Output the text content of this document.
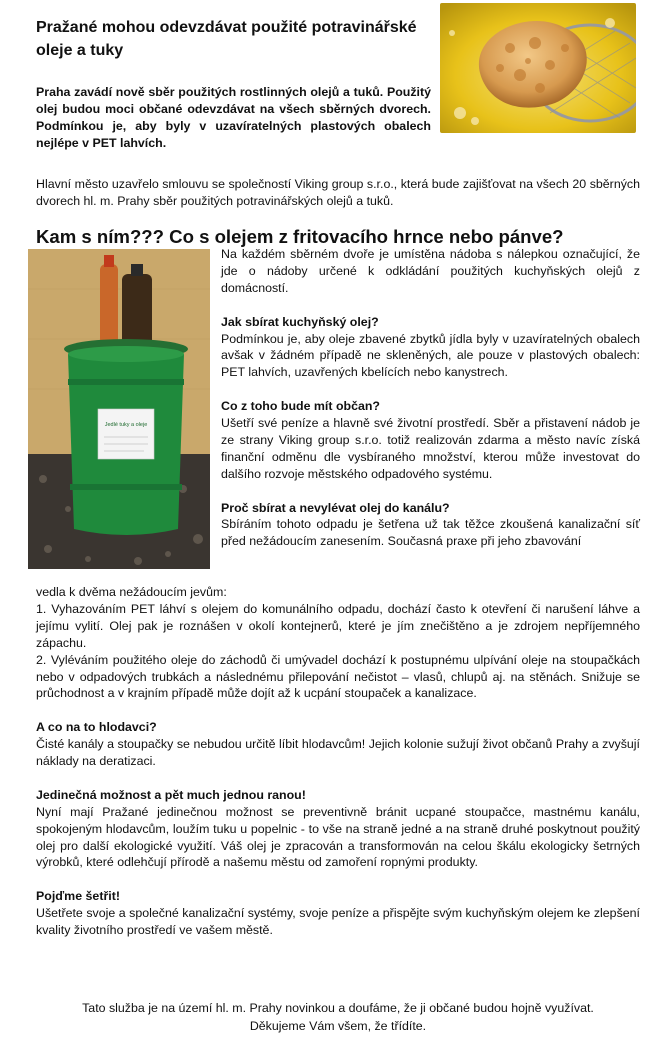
Pražané mohou odevzdávat použité potravinářské oleje a tuky

Praha zavádí nově sběr použitých rostlinných olejů a tuků. Použitý olej budou moci občané odevzdávat na všech sběrných dvorech. Podmínkou je, aby byly v uzavíratelných plastových obalech nejlépe v PET lahvích.

Hlavní město uzavřelo smlouvu se společností Viking group s.r.o., která bude zajišťovat na všech 20 sběrných dvorech hl. m. Prahy sběr použitých potravinářských olejů a tuků.

Kam s ním??? Co s olejem z fritovacího hrnce nebo pánve?
Jedlé tuky a oleje

Na každém sběrném dvoře je umístěna nádoba s nálepkou označující, že jde o nádoby určené k odkládání použitých kuchyňských olejů z domácností.

Jak sbírat kuchyňský olej?
Podmínkou je, aby oleje zbavené zbytků jídla byly v uzavíratelných obalech avšak v žádném případě ne skleněných, ale pouze v plastových obalech: PET lahvích, uzavřených kbelících nebo kanystrech.

Co z toho bude mít občan?
Ušetří své peníze a hlavně své životní prostředí. Sběr a přistavení nádob je ze strany Viking group s.r.o. totiž realizován zdarma a město navíc získá finanční odměnu dle vysbíraného množství, kterou může investovat do dalšího rozvoje městského odpadového systému.

Proč sbírat a nevylévat olej do kanálu?
Sbíráním tohoto odpadu je šetřena už tak těžce zkoušená kanalizační síť před nežádoucím zanesením. Současná praxe při jeho zbavování

vedla k dvěma nežádoucím jevům:
1. Vyhazováním PET láhví s olejem do komunálního odpadu, dochází často k otevření či narušení láhve a jejímu vylití. Olej pak je roznášen v okolí kontejnerů, které je jím znečištěno a je zdrojem nepříjemného zápachu.
2. Vyléváním použitého oleje do záchodů či umývadel dochází k postupnému ulpívání oleje na stoupačkách nebo v odpadových trubkách a následnému přilepování nečistot – vlasů, chlupů aj. na stěnách. Snižuje se průchodnost a v krajním případě může dojít až k ucpání stoupaček a kanalizace.

A co na to hlodavci?
Čisté kanály a stoupačky se nebudou určitě líbit hlodavcům! Jejich kolonie sužují život občanů Prahy a zvyšují náklady na deratizaci.

Jedinečná možnost a pět much jednou ranou!
Nyní mají Pražané jedinečnou možnost se preventivně bránit ucpané stoupačce, mastnému kanálu, spokojeným hlodavcům, loužím tuku u popelnic - to vše na straně jedné a na straně druhé poskytnout použitý olej pro další ekologické využití. Váš olej je zpracován a transformován na celou škálu ekologicky šetrných výrobků, které odlehčují přírodě a našemu městu od zamoření ropnými produkty.

Pojďme šetřit!
Ušetřete svoje a společné kanalizační systémy, svoje peníze a přispějte svým kuchyňským olejem ke zlepšení kvality životního prostředí ve vašem městě.

Tato služba je na území hl. m. Prahy novinkou a doufáme, že ji občané budou hojně využívat.
Děkujeme Vám všem, že třídíte.
